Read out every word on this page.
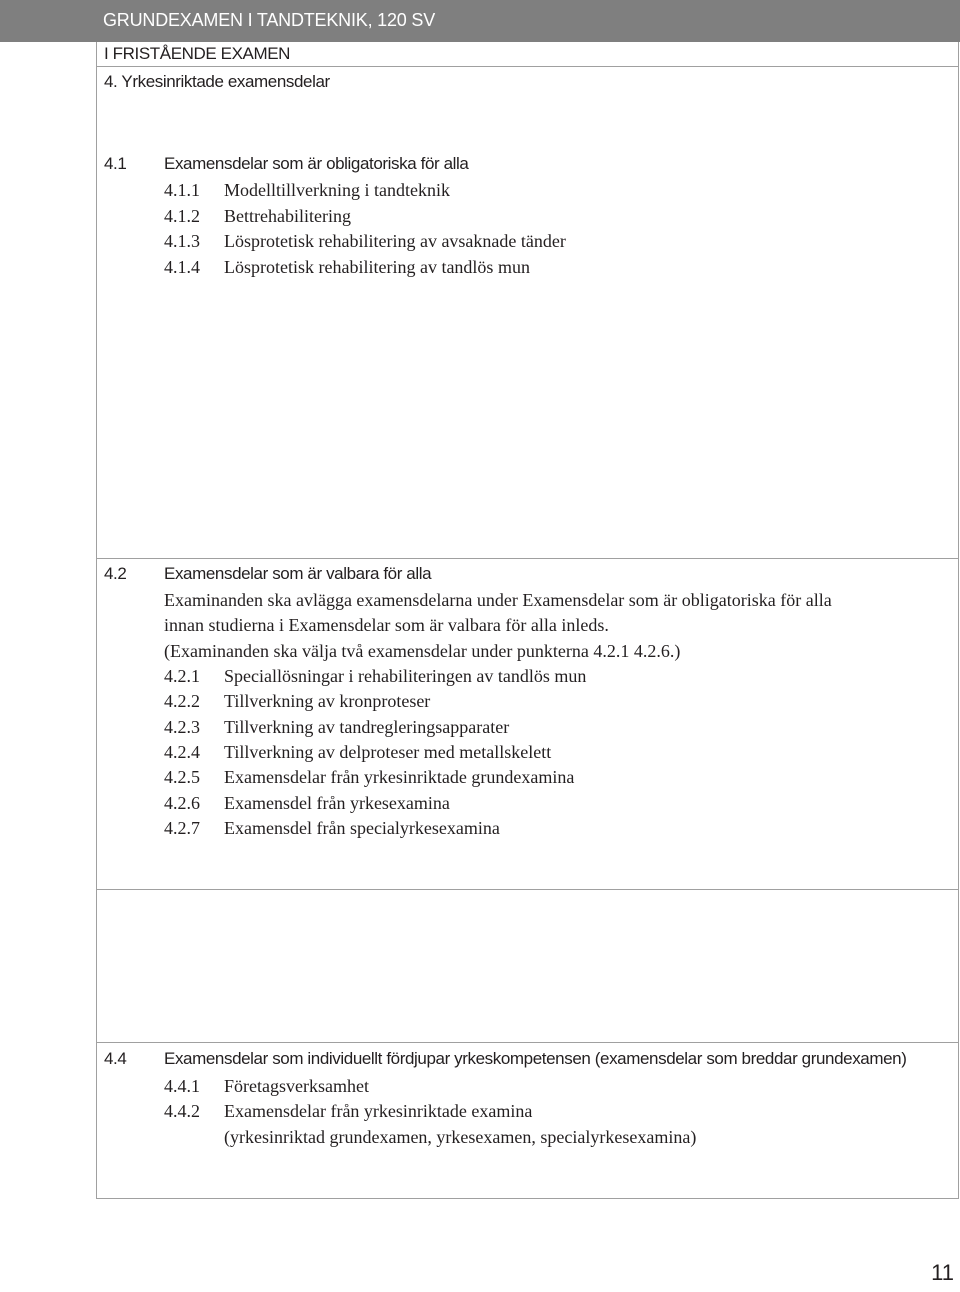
GRUNDEXAMEN I TANDTEKNIK, 120 SV
I FRISTÅENDE EXAMEN
4. Yrkesinriktade examensdelar
4.1 Examensdelar som är obligatoriska för alla
4.1.1 Modelltillverkning i tandteknik
4.1.2 Bettrehabilitering
4.1.3 Lösprotetisk rehabilitering av avsaknade tänder
4.1.4 Lösprotetisk rehabilitering av tandlös mun
4.2 Examensdelar som är valbara för alla
Examinanden ska avlägga examensdelarna under Examensdelar som är obligatoriska för alla
innan studierna i Examensdelar som är valbara för alla inleds.
(Examinanden ska välja två examensdelar under punkterna 4.2.1 4.2.6.)
4.2.1 Speciallösningar i rehabiliteringen av tandlös mun
4.2.2 Tillverkning av kronproteser
4.2.3 Tillverkning av tandregleringsapparater
4.2.4 Tillverkning av delproteser med metallskelett
4.2.5 Examensdelar från yrkesinriktade grundexamina
4.2.6 Examensdel från yrkesexamina
4.2.7 Examensdel från specialyrkesexamina
4.4 Examensdelar som individuellt fördjupar yrkeskompetensen (examensdelar som breddar grundexamen)
4.4.1 Företagsverksamhet
4.4.2 Examensdelar från yrkesinriktade examina
(yrkesinriktad grundexamen, yrkesexamen, specialyrkesexamina)
11
